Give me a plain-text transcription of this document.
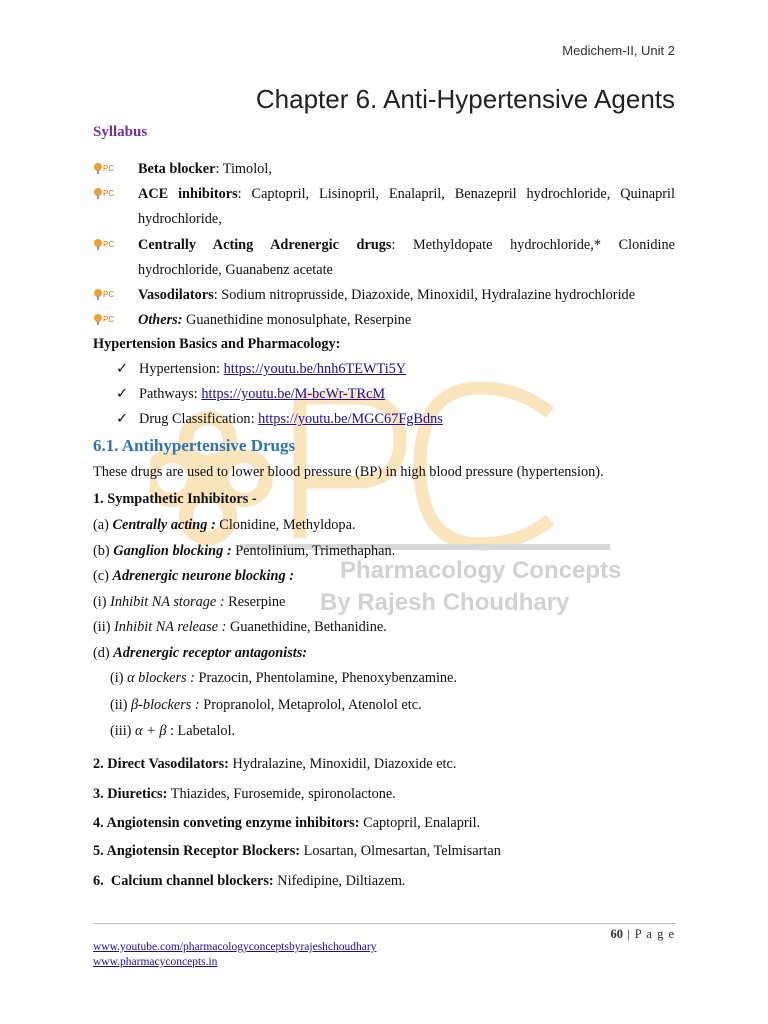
Pharmacology Concepts
By Rajesh Choudhary
Medichem-II, Unit 2
Chapter 6. Anti-Hypertensive Agents
Syllabus
PC Beta blocker: Timolol,
PC ACE inhibitors: Captopril, Lisinopril, Enalapril, Benazepril hydrochloride, Quinapril hydrochloride,
PC Centrally Acting Adrenergic drugs: Methyldopate hydrochloride,* Clonidine hydrochloride, Guanabenz acetate
PC Vasodilators: Sodium nitroprusside, Diazoxide, Minoxidil, Hydralazine hydrochloride
PC Others: Guanethidine monosulphate, Reserpine
Hypertension Basics and Pharmacology:
✓ Hypertension: https://youtu.be/hnh6TEWTi5Y
✓ Pathways: https://youtu.be/M-bcWr-TRcM
✓ Drug Classification: https://youtu.be/MGC67FgBdns
6.1. Antihypertensive Drugs
These drugs are used to lower blood pressure (BP) in high blood pressure (hypertension).
1. Sympathetic Inhibitors -
(a) Centrally acting : Clonidine, Methyldopa.
(b) Ganglion blocking : Pentolinium, Trimethaphan.
(c) Adrenergic neurone blocking :
(i) Inhibit NA storage : Reserpine
(ii) Inhibit NA release : Guanethidine, Bethanidine.
(d) Adrenergic receptor antagonists:
(i) α blockers : Prazocin, Phentolamine, Phenoxybenzamine.
(ii) β-blockers : Propranolol, Metaprolol, Atenolol etc.
(iii) α + β : Labetalol.
2. Direct Vasodilators: Hydralazine, Minoxidil, Diazoxide etc.
3. Diuretics: Thiazides, Furosemide, spironolactone.
4. Angiotensin conveting enzyme inhibitors: Captopril, Enalapril.
5. Angiotensin Receptor Blockers: Losartan, Olmesartan, Telmisartan
6.  Calcium channel blockers: Nifedipine, Diltiazem.
60 | P a g e
www.youtube.com/pharmacologyconceptsbyrajeshchoudhary
www.pharmacyconcepts.in
